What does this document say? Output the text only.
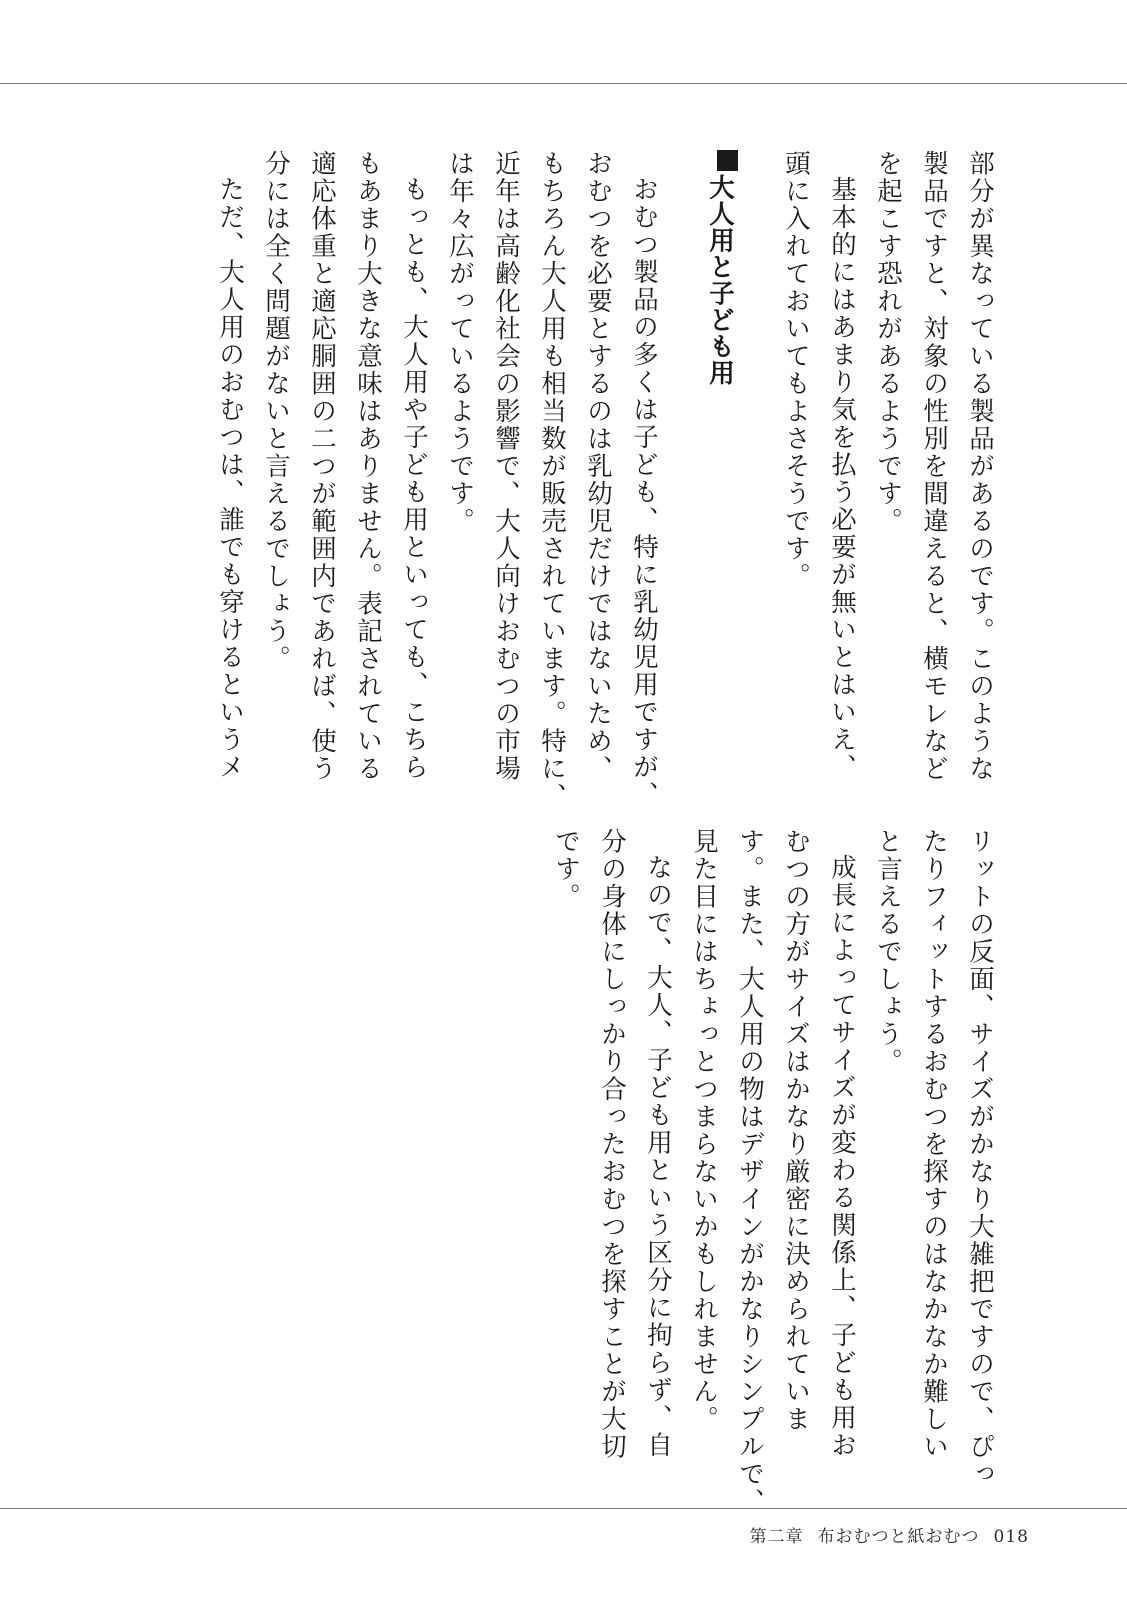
部分が異なっている製品があるのです。このような
製品ですと、対象の性別を間違えると、横モレなど
を起こす恐れがあるようです。

基本的にはあまり気を払う必要が無いとはいえ、
頭に入れておいてもよさそうです。

大人用と子ども用

おむつ製品の多くは子ども、特に乳幼児用ですが、
おむつを必要とするのは乳幼児だけではないため、
もちろん大人用も相当数が販売されています。特に、
近年は高齢化社会の影響で、大人向けおむつの市場
は年々広がっているようです。

もっとも、大人用や子ども用といっても、こちら
もあまり大きな意味はありません。表記されている
適応体重と適応胴囲の二つが範囲内であれば、使う
分には全く問題がないと言えるでしょう。

ただ、大人用のおむつは、誰でも穿けるというメ

リットの反面、サイズがかなり大雑把ですので、ぴっ
たりフィットするおむつを探すのはなかなか難しい
と言えるでしょう。

成長によってサイズが変わる関係上、子ども用お
むつの方がサイズはかなり厳密に決められていま
す。また、大人用の物はデザインがかなりシンプルで、
見た目にはちょっとつまらないかもしれません。

なので、大人、子ども用という区分に拘らず、自
分の身体にしっかり合ったおむつを探すことが大切
です。

第二章 布おむつと紙おむつ 018
